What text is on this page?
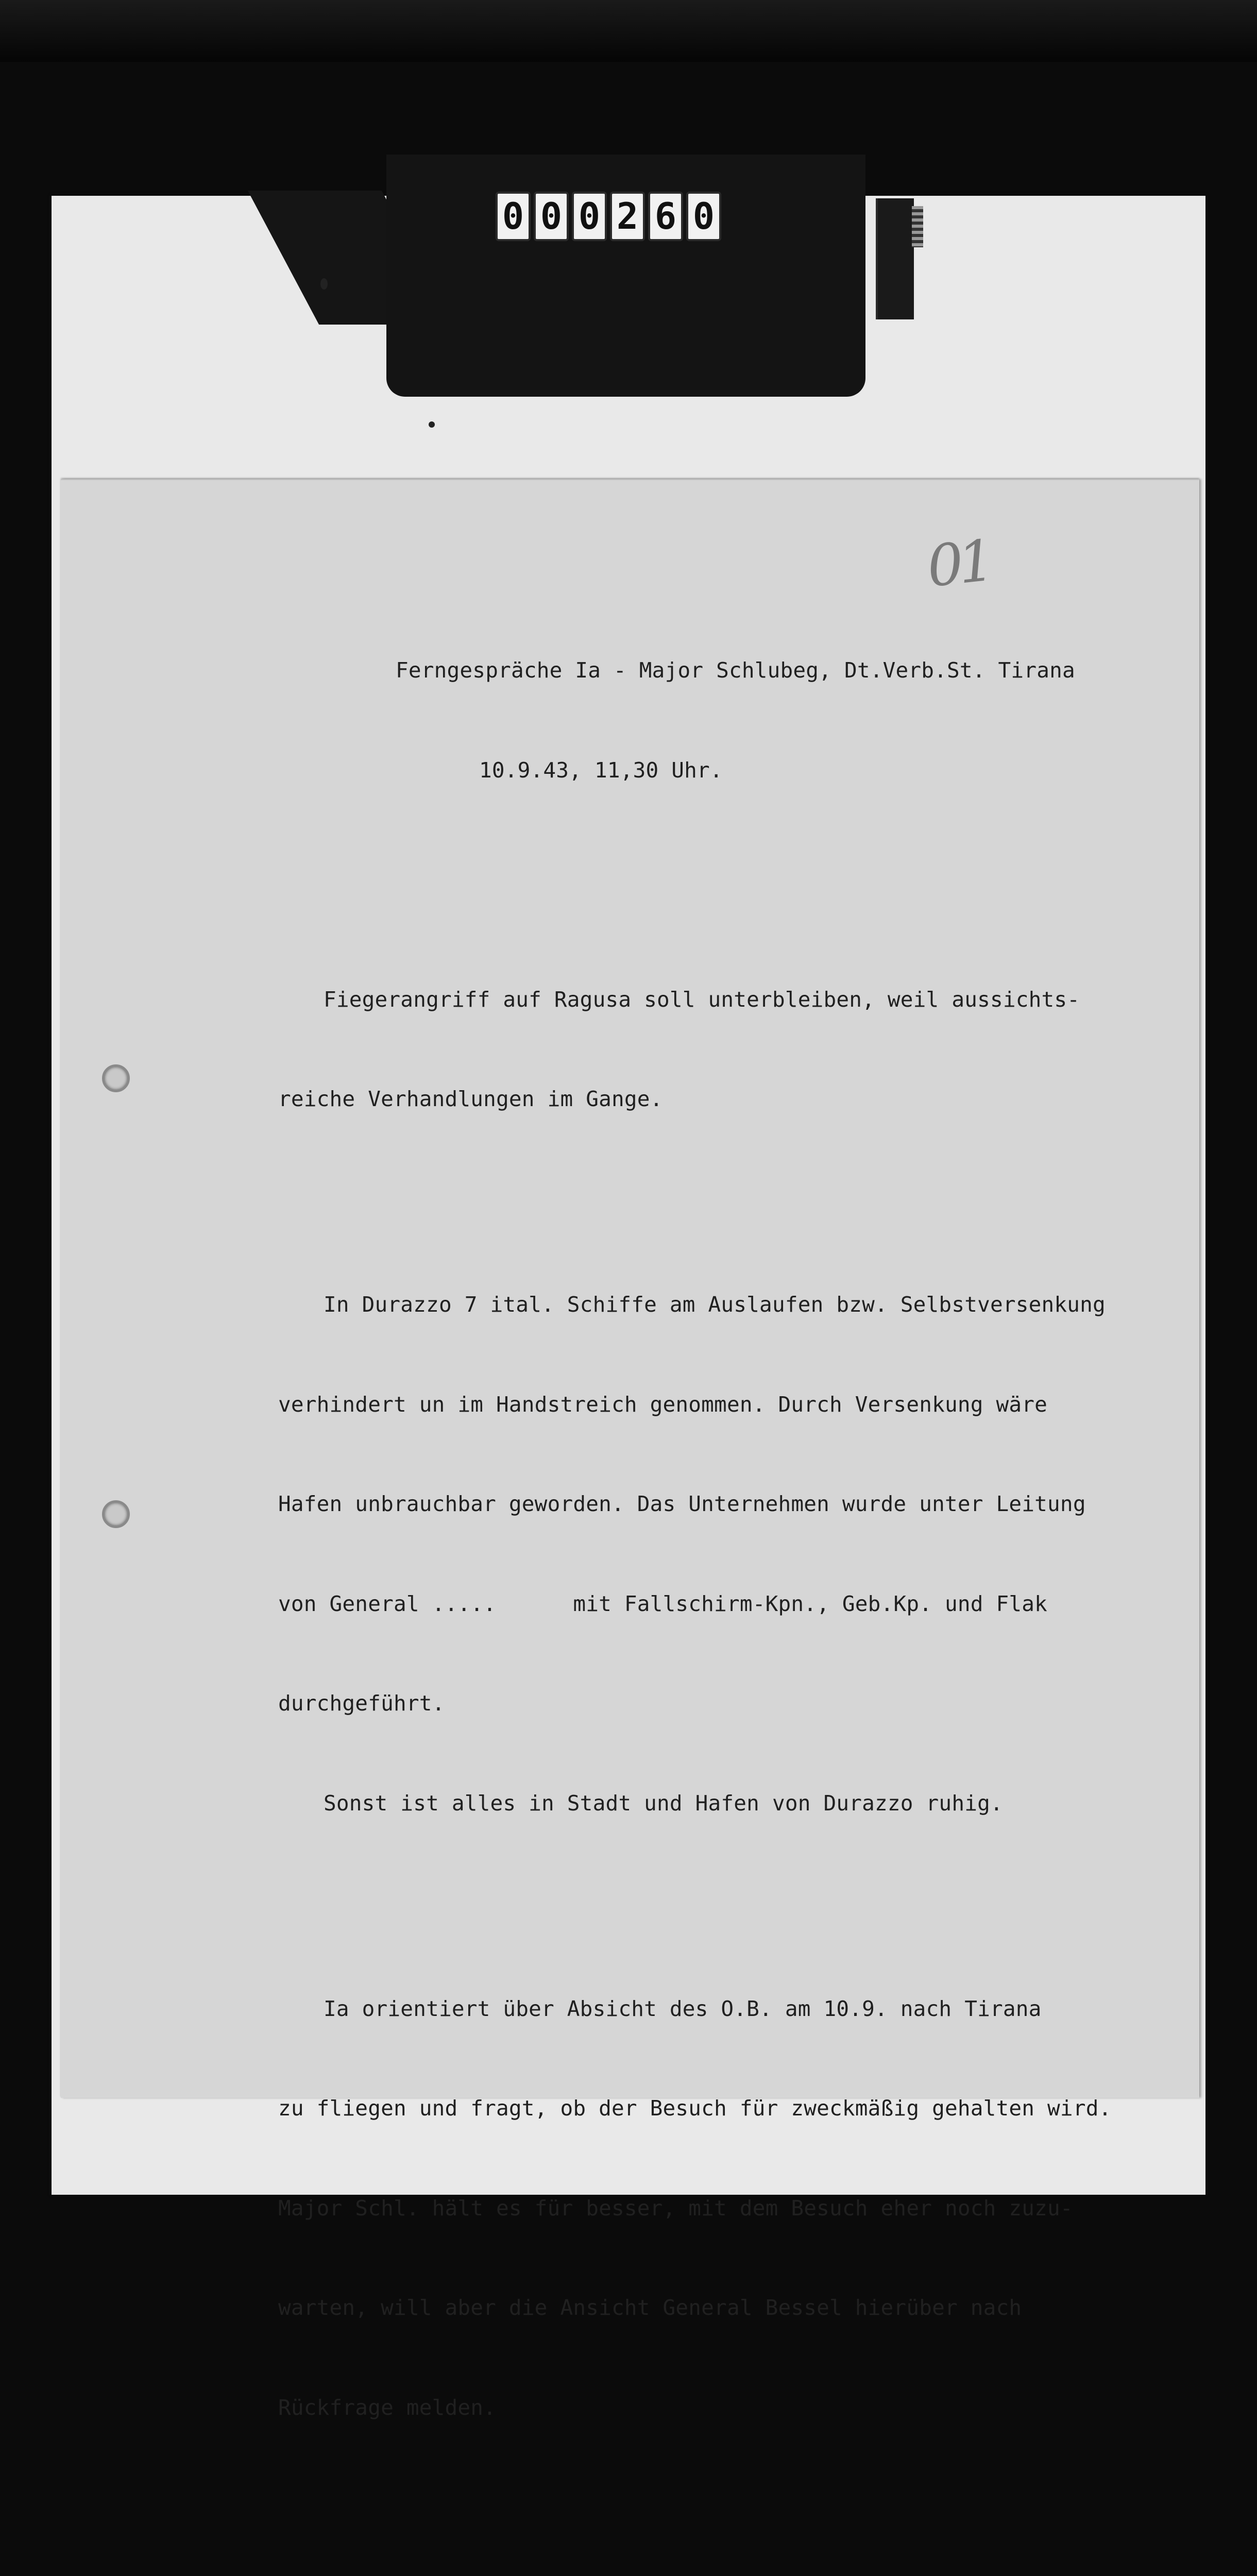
0 0 0 2 6 0
01

Ferngespräche Ia - Major Schlubeg, Dt.Verb.St. Tirana

10.9.43, 11,30 Uhr.

Fiegerangriff auf Ragusa soll unterbleiben, weil aussichts-

reiche Verhandlungen im Gange.

In Durazzo 7 ital. Schiffe am Auslaufen bzw. Selbstversenkung

verhindert un im Handstreich genommen. Durch Versenkung wäre

Hafen unbrauchbar geworden. Das Unternehmen wurde unter Leitung

von General .....      mit Fallschirm-Kpn., Geb.Kp. und Flak

durchgeführt.

Sonst ist alles in Stadt und Hafen von Durazzo ruhig.

Ia orientiert über Absicht des O.B. am 10.9. nach Tirana

zu fliegen und fragt, ob der Besuch für zweckmäßig gehalten wird.

Major Schl. hält es für besser, mit dem Besuch eher noch zuzu-

warten, will aber die Ansicht General Bessel hierüber nach

Rückfrage melden.
